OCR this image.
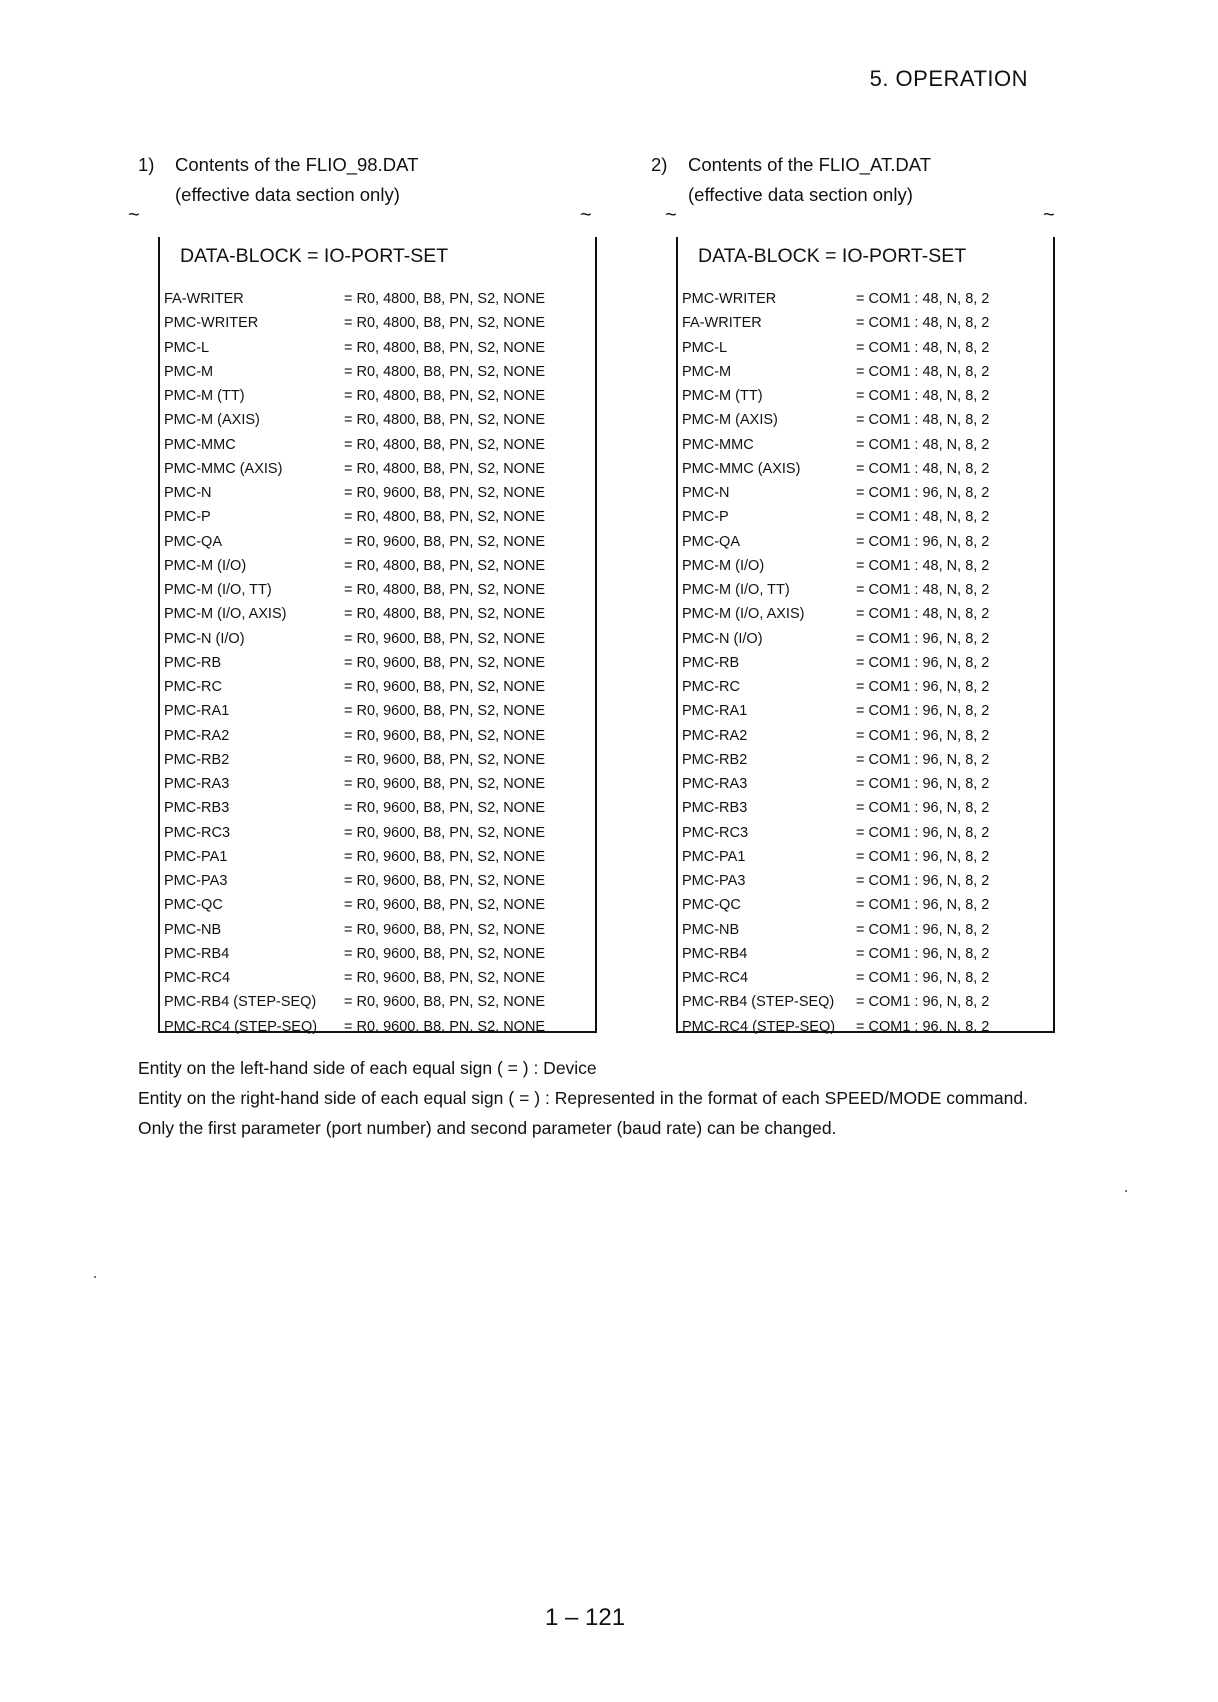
5. OPERATION
1) Contents of the FLIO_98.DAT
(effective data section only)
~	~
2) Contents of the FLIO_AT.DAT
(effective data section only)
~	~
DATA-BLOCK = IO-PORT-SET
FA-WRITER	= R0, 4800, B8, PN, S2, NONE
PMC-WRITER	= R0, 4800, B8, PN, S2, NONE
PMC-L	= R0, 4800, B8, PN, S2, NONE
PMC-M	= R0, 4800, B8, PN, S2, NONE
PMC-M (TT)	= R0, 4800, B8, PN, S2, NONE
PMC-M (AXIS)	= R0, 4800, B8, PN, S2, NONE
PMC-MMC	= R0, 4800, B8, PN, S2, NONE
PMC-MMC (AXIS)	= R0, 4800, B8, PN, S2, NONE
PMC-N	= R0, 9600, B8, PN, S2, NONE
PMC-P	= R0, 4800, B8, PN, S2, NONE
PMC-QA	= R0, 9600, B8, PN, S2, NONE
PMC-M (I/O)	= R0, 4800, B8, PN, S2, NONE
PMC-M (I/O, TT)	= R0, 4800, B8, PN, S2, NONE
PMC-M (I/O, AXIS)	= R0, 4800, B8, PN, S2, NONE
PMC-N (I/O)	= R0, 9600, B8, PN, S2, NONE
PMC-RB	= R0, 9600, B8, PN, S2, NONE
PMC-RC	= R0, 9600, B8, PN, S2, NONE
PMC-RA1	= R0, 9600, B8, PN, S2, NONE
PMC-RA2	= R0, 9600, B8, PN, S2, NONE
PMC-RB2	= R0, 9600, B8, PN, S2, NONE
PMC-RA3	= R0, 9600, B8, PN, S2, NONE
PMC-RB3	= R0, 9600, B8, PN, S2, NONE
PMC-RC3	= R0, 9600, B8, PN, S2, NONE
PMC-PA1	= R0, 9600, B8, PN, S2, NONE
PMC-PA3	= R0, 9600, B8, PN, S2, NONE
PMC-QC	= R0, 9600, B8, PN, S2, NONE
PMC-NB	= R0, 9600, B8, PN, S2, NONE
PMC-RB4	= R0, 9600, B8, PN, S2, NONE
PMC-RC4	= R0, 9600, B8, PN, S2, NONE
PMC-RB4 (STEP-SEQ)	= R0, 9600, B8, PN, S2, NONE
PMC-RC4 (STEP-SEQ)	= R0, 9600, B8, PN, S2, NONE
DATA-BLOCK = IO-PORT-SET
PMC-WRITER	= COM1 : 48, N, 8, 2
FA-WRITER	= COM1 : 48, N, 8, 2
PMC-L	= COM1 : 48, N, 8, 2
PMC-M	= COM1 : 48, N, 8, 2
PMC-M (TT)	= COM1 : 48, N, 8, 2
PMC-M (AXIS)	= COM1 : 48, N, 8, 2
PMC-MMC	= COM1 : 48, N, 8, 2
PMC-MMC (AXIS)	= COM1 : 48, N, 8, 2
PMC-N	= COM1 : 96, N, 8, 2
PMC-P	= COM1 : 48, N, 8, 2
PMC-QA	= COM1 : 96, N, 8, 2
PMC-M (I/O)	= COM1 : 48, N, 8, 2
PMC-M (I/O, TT)	= COM1 : 48, N, 8, 2
PMC-M (I/O, AXIS)	= COM1 : 48, N, 8, 2
PMC-N (I/O)	= COM1 : 96, N, 8, 2
PMC-RB	= COM1 : 96, N, 8, 2
PMC-RC	= COM1 : 96, N, 8, 2
PMC-RA1	= COM1 : 96, N, 8, 2
PMC-RA2	= COM1 : 96, N, 8, 2
PMC-RB2	= COM1 : 96, N, 8, 2
PMC-RA3	= COM1 : 96, N, 8, 2
PMC-RB3	= COM1 : 96, N, 8, 2
PMC-RC3	= COM1 : 96, N, 8, 2
PMC-PA1	= COM1 : 96, N, 8, 2
PMC-PA3	= COM1 : 96, N, 8, 2
PMC-QC	= COM1 : 96, N, 8, 2
PMC-NB	= COM1 : 96, N, 8, 2
PMC-RB4	= COM1 : 96, N, 8, 2
PMC-RC4	= COM1 : 96, N, 8, 2
PMC-RB4 (STEP-SEQ)	= COM1 : 96, N, 8, 2
PMC-RC4 (STEP-SEQ)	= COM1 : 96, N, 8, 2
Entity on the left-hand side of each equal sign ( = ) : Device
Entity on the right-hand side of each equal sign ( = ) : Represented in the format of each SPEED/MODE command. Only the first parameter (port number) and second parameter (baud rate) can be changed.
1 – 121
